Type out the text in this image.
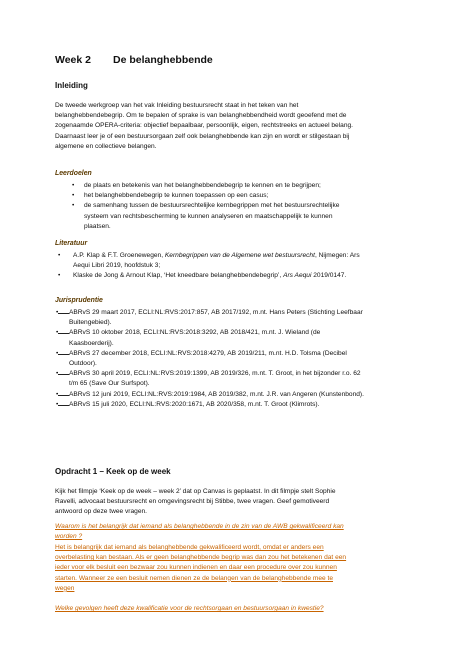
Week 2 De belanghebbende
Inleiding
De tweede werkgroep van het vak Inleiding bestuursrecht staat in het teken van het
belanghebbendebegrip. Om te bepalen of sprake is van belanghebbendheid wordt geoefend met de
zogenaamde OPERA-criteria: objectief bepaalbaar, persoonlijk, eigen, rechtstreeks en actueel belang.
Daarnaast leer je of een bestuursorgaan zelf ook belanghebbende kan zijn en wordt er stilgestaan bij
algemene en collectieve belangen.
Leerdoelen
• de plaats en betekenis van het belanghebbendebegrip te kennen en te begrijpen;
• het belanghebbendebegrip te kunnen toepassen op een casus;
• de samenhang tussen de bestuursrechtelijke kernbegrippen met het bestuursrechtelijke
systeem van rechtsbescherming te kunnen analyseren en maatschappelijk te kunnen
plaatsen.
Literatuur
• A.P. Klap & F.T. Groenewegen, Kernbegrippen van de Algemene wet bestuursrecht, Nijmegen: Ars
Aequi Libri 2019, hoofdstuk 3;
• Klaske de Jong & Arnout Klap, ‘Het kneedbare belanghebbendebegrip’, Ars Aequi 2019/0147.
Jurisprudentie
• ABRvS 29 maart 2017, ECLI:NL:RVS:2017:857, AB 2017/192, m.nt. Hans Peters (Stichting Leefbaar
Buitengebied).
• ABRvS 10 oktober 2018, ECLI:NL:RVS:2018:3292, AB 2018/421, m.nt. J. Wieland (de
Kaasboerderij).
• ABRvS 27 december 2018, ECLI:NL:RVS:2018:4279, AB 2019/211, m.nt. H.D. Tolsma (Decibel
Outdoor).
• ABRvS 30 april 2019, ECLI:NL:RVS:2019:1399, AB 2019/326, m.nt. T. Groot, in het bijzonder r.o. 62
t/m 65 (Save Our Surfspot).
• ABRvS 12 juni 2019, ECLI:NL:RVS:2019:1984, AB 2019/382, m.nt. J.R. van Angeren (Kunstenbond).
• ABRvS 15 juli 2020, ECLI:NL:RVS:2020:1671, AB 2020/358, m.nt. T. Groot (Klimrots).
Opdracht 1 – Keek op de week
Kijk het filmpje ‘Keek op de week – week 2’ dat op Canvas is geplaatst. In dit filmpje stelt Sophie
Ravelli, advocaat bestuursrecht en omgevingsrecht bij Stibbe, twee vragen. Geef gemotiveerd
antwoord op deze twee vragen.
Waarom is het belangrijk dat iemand als belanghebbende in de zin van de AWB gekwalificeerd kan
worden ?
Het is belangrijk dat iemand als belanghebbende gekwalificeerd wordt, omdat er anders een
overbelasting kan bestaan. Als er geen belanghebbende begrip was dan zou het betekenen dat een
ieder voor elk besluit een bezwaar zou kunnen indienen en daar een procedure over zou kunnen
starten. Wanneer ze een besluit nemen dienen ze de belangen van de belanghebbende mee te
wegen
Welke gevolgen heeft deze kwalificatie voor de rechtsorgaan en bestuursorgaan in kwestie?
